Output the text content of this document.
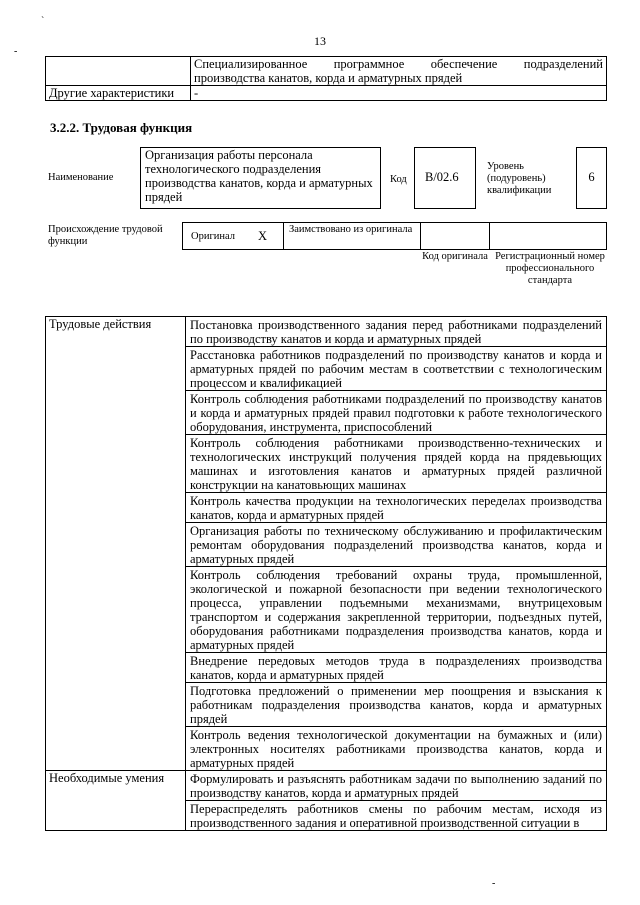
`
-
-
13
	Специализированное программное обеспечение подразделений производства канатов, корда и арматурных прядей
Другие характеристики	-
3.2.2. Трудовая функция
Наименование
Организация работы персонала технологического подразделения производства канатов, корда и арматурных прядей
Код	B/02.6
Уровень (подуровень) квалификации
6
Происхождение трудовой функции	Оригинал X Заимствовано из оригинала
Код оригинала Регистрационный номер профессионального стандарта
Трудовые действия	Постановка производственного задания перед работниками подразделений по производству канатов и корда и арматурных прядей
	Расстановка работников подразделений по производству канатов и корда и арматурных прядей по рабочим местам в соответствии с технологическим процессом и квалификацией
	Контроль соблюдения работниками подразделений по производству канатов и корда и арматурных прядей правил подготовки к работе технологического оборудования, инструмента, приспособлений
	Контроль соблюдения работниками производственно-технических и технологических инструкций получения прядей корда на прядевьющих машинах и изготовления канатов и арматурных прядей различной конструкции на канатовьющих машинах
	Контроль качества продукции на технологических переделах производства канатов, корда и арматурных прядей
	Организация работы по техническому обслуживанию и профилактическим ремонтам оборудования подразделений производства канатов, корда и арматурных прядей
	Контроль соблюдения требований охраны труда, промышленной, экологической и пожарной безопасности при ведении технологического процесса, управлении подъемными механизмами, внутрицеховым транспортом и содержания закрепленной территории, подъездных путей, оборудования работниками подразделения производства канатов, корда и арматурных прядей
	Внедрение передовых методов труда в подразделениях производства канатов, корда и арматурных прядей
	Подготовка предложений о применении мер поощрения и взыскания к работникам подразделения производства канатов, корда и арматурных прядей
	Контроль ведения технологической документации на бумажных и (или) электронных носителях работниками производства канатов, корда и арматурных прядей
Необходимые умения	Формулировать и разъяснять работникам задачи по выполнению заданий по производству канатов, корда и арматурных прядей
	Перераспределять работников смены по рабочим местам, исходя из производственного задания и оперативной производственной ситуации в
